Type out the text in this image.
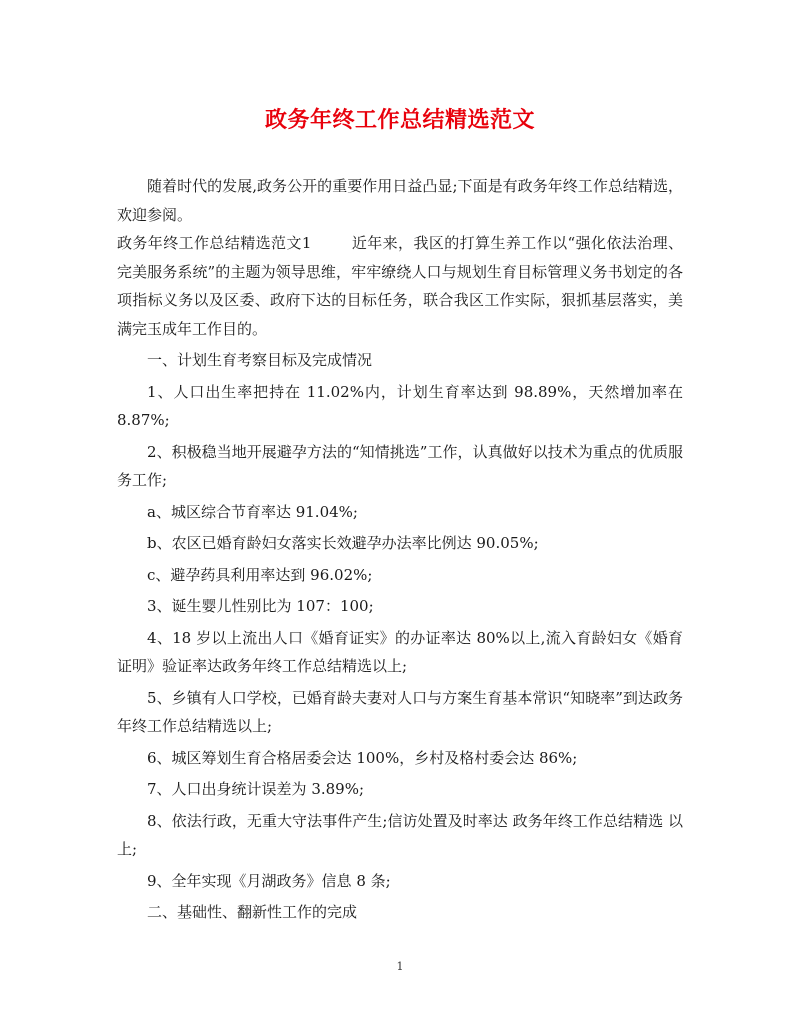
政务年终工作总结精选范文

随着时代的发展,政务公开的重要作用日益凸显;下面是有政务年终工作总结精选，欢迎参阅。

政务年终工作总结精选范文1	近年来，我区的打算生养工作以“强化依法治理、完美服务系统”的主题为领导思维，牢牢缭绕人口与规划生育目标管理义务书划定的各项指标义务以及区委、政府下达的目标任务，联合我区工作实际，狠抓基层落实，美满完玉成年工作目的。

一、计划生育考察目标及完成情况

1、人口出生率把持在 11.02%内，计划生育率达到 98.89%，天然增加率在 8.87%;

2、积极稳当地开展避孕方法的“知情挑选”工作，认真做好以技术为重点的优质服务工作;

a、城区综合节育率达 91.04%;

b、农区已婚育龄妇女落实长效避孕办法率比例达 90.05%;

c、避孕药具利用率达到 96.02%;

3、诞生婴儿性别比为 107：100;

4、18 岁以上流出人口《婚育证实》的办证率达 80%以上,流入育龄妇女《婚育证明》验证率达政务年终工作总结精选以上;

5、乡镇有人口学校，已婚育龄夫妻对人口与方案生育基本常识“知晓率”到达政务年终工作总结精选以上;

6、城区筹划生育合格居委会达 100%，乡村及格村委会达 86%;

7、人口出身统计误差为 3.89%;

8、依法行政，无重大守法事件产生;信访处置及时率达 政务年终工作总结精选 以上;

9、全年实现《月湖政务》信息 8 条;

二、基础性、翻新性工作的完成

1
